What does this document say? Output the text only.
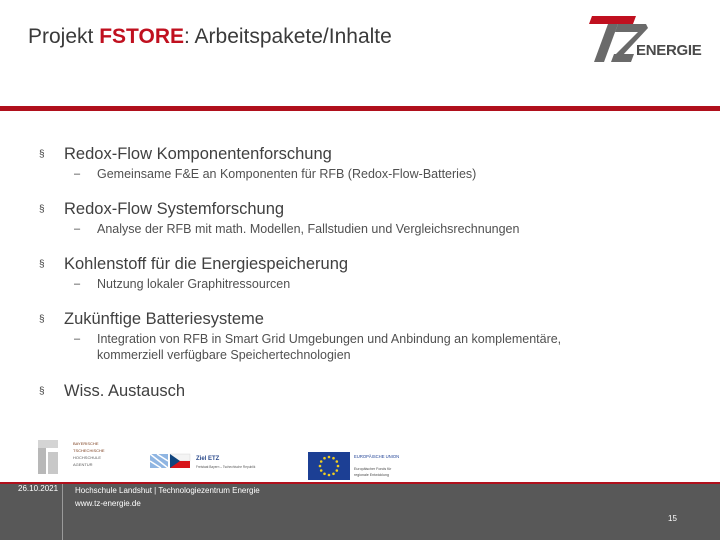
Projekt FSTORE: Arbeitspakete/Inhalte
ENERGIE
§ Redox-Flow Komponentenforschung
– Gemeinsame F&E an Komponenten für RFB (Redox-Flow-Batteries)
§ Redox-Flow Systemforschung
– Analyse der RFB mit math. Modellen, Fallstudien und Vergleichsrechnungen
§ Kohlenstoff für die Energiespeicherung
– Nutzung lokaler Graphitressourcen
§ Zukünftige Batteriesysteme
– Integration von RFB in Smart Grid Umgebungen und Anbindung an komplementäre,
kommerziell verfügbare Speichertechnologien
§ Wiss. Austausch
BAYERISCHE
TSCHECHISCHE
HOCHSCHULE
AGENTUR
Ziel ETZ
Freistaat Bayern – Tschechische Republik
EUROPÄISCHE UNION
Europäischer Fonds für
regionale Entwicklung
26.10.2021 Hochschule Landshut | Technologiezentrum Energie
www.tz-energie.de
15
